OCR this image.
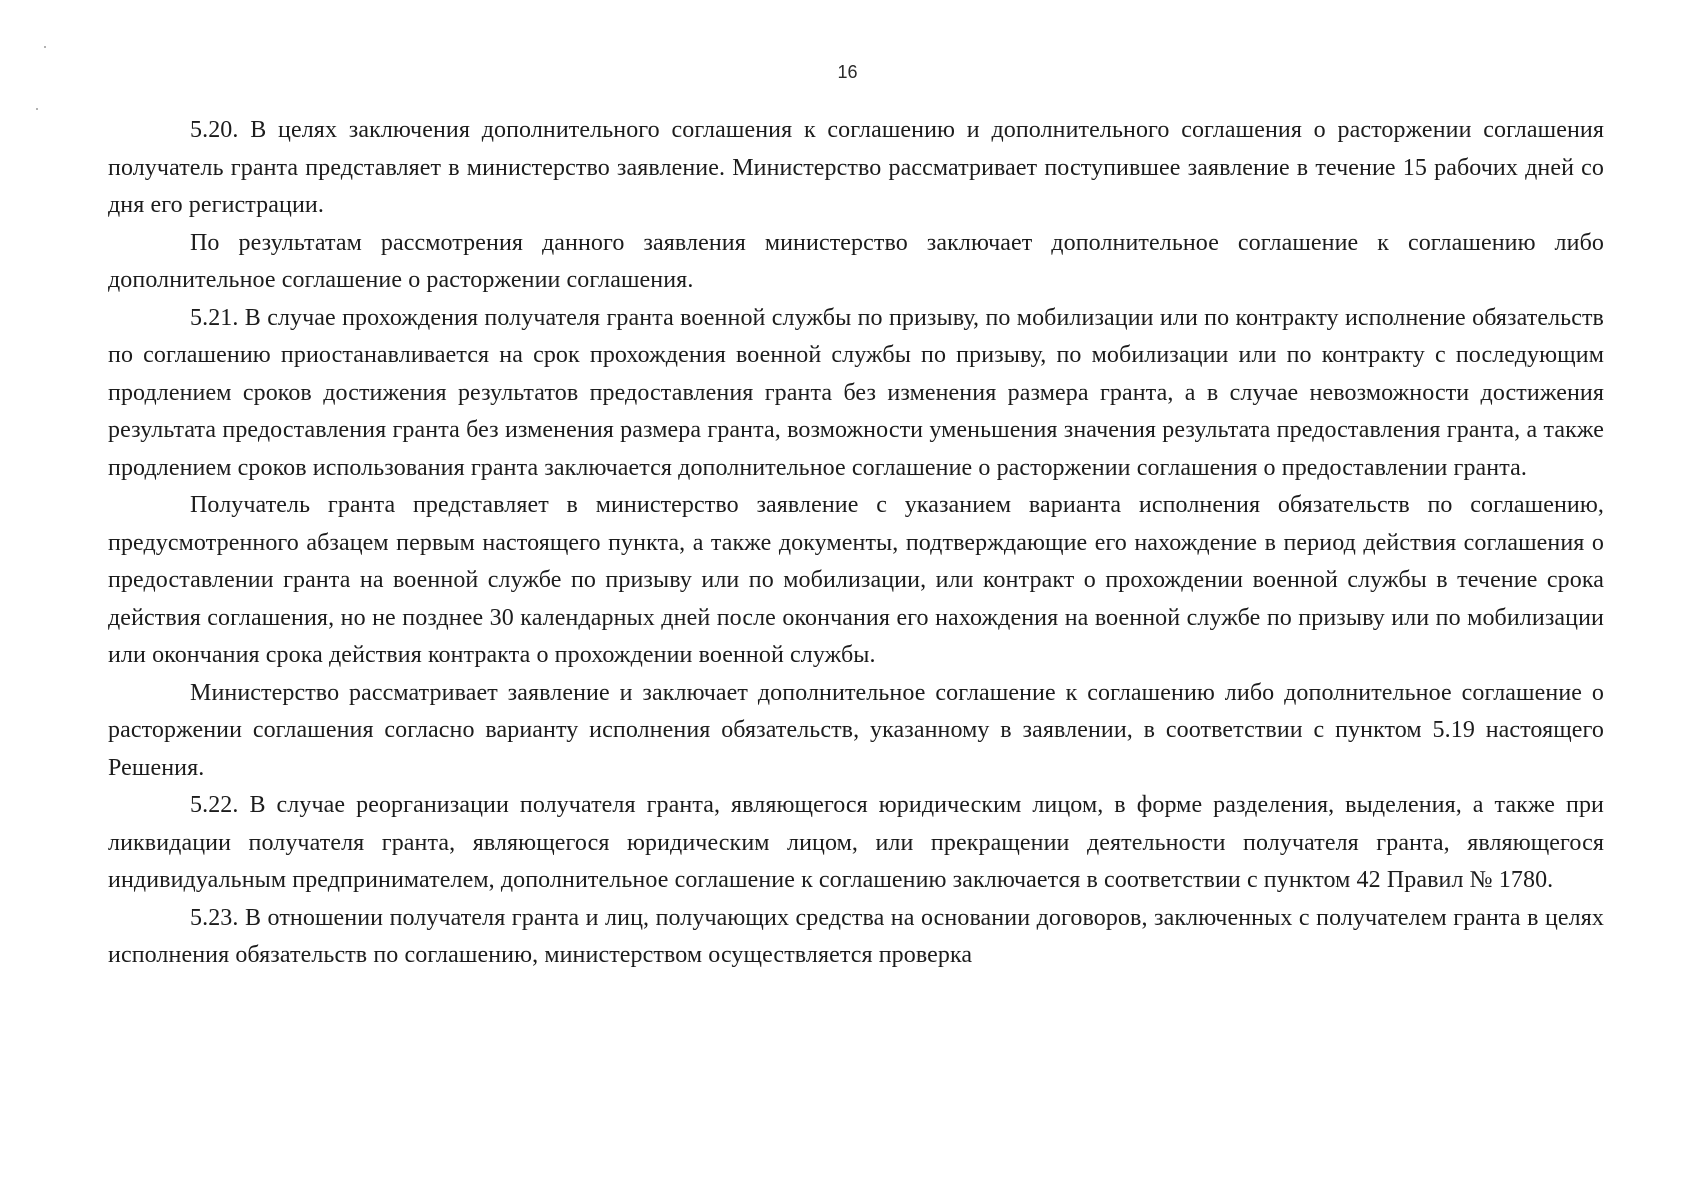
16

5.20. В целях заключения дополнительного соглашения к соглашению и дополнительного соглашения о расторжении соглашения получатель гранта представляет в министерство заявление. Министерство рассматривает поступившее заявление в течение 15 рабочих дней со дня его регистрации.

По результатам рассмотрения данного заявления министерство заключает дополнительное соглашение к соглашению либо дополнительное соглашение о расторжении соглашения.

5.21. В случае прохождения получателя гранта военной службы по призыву, по мобилизации или по контракту исполнение обязательств по соглашению приостанавливается на срок прохождения военной службы по призыву, по мобилизации или по контракту с последующим продлением сроков достижения результатов предоставления гранта без изменения размера гранта, а в случае невозможности достижения результата предоставления гранта без изменения размера гранта, возможности уменьшения значения результата предоставления гранта, а также продлением сроков использования гранта заключается дополнительное соглашение о расторжении соглашения о предоставлении гранта.

Получатель гранта представляет в министерство заявление с указанием варианта исполнения обязательств по соглашению, предусмотренного абзацем первым настоящего пункта, а также документы, подтверждающие его нахождение в период действия соглашения о предоставлении гранта на военной службе по призыву или по мобилизации, или контракт о прохождении военной службы в течение срока действия соглашения, но не позднее 30 календарных дней после окончания его нахождения на военной службе по призыву или по мобилизации или окончания срока действия контракта о прохождении военной службы.

Министерство рассматривает заявление и заключает дополнительное соглашение к соглашению либо дополнительное соглашение о расторжении соглашения согласно варианту исполнения обязательств, указанному в заявлении, в соответствии с пунктом 5.19 настоящего Решения.

5.22. В случае реорганизации получателя гранта, являющегося юридическим лицом, в форме разделения, выделения, а также при ликвидации получателя гранта, являющегося юридическим лицом, или прекращении деятельности получателя гранта, являющегося индивидуальным предпринимателем, дополнительное соглашение к соглашению заключается в соответствии с пунктом 42 Правил № 1780.

5.23. В отношении получателя гранта и лиц, получающих средства на основании договоров, заключенных с получателем гранта в целях исполнения обязательств по соглашению, министерством осуществляется проверка
